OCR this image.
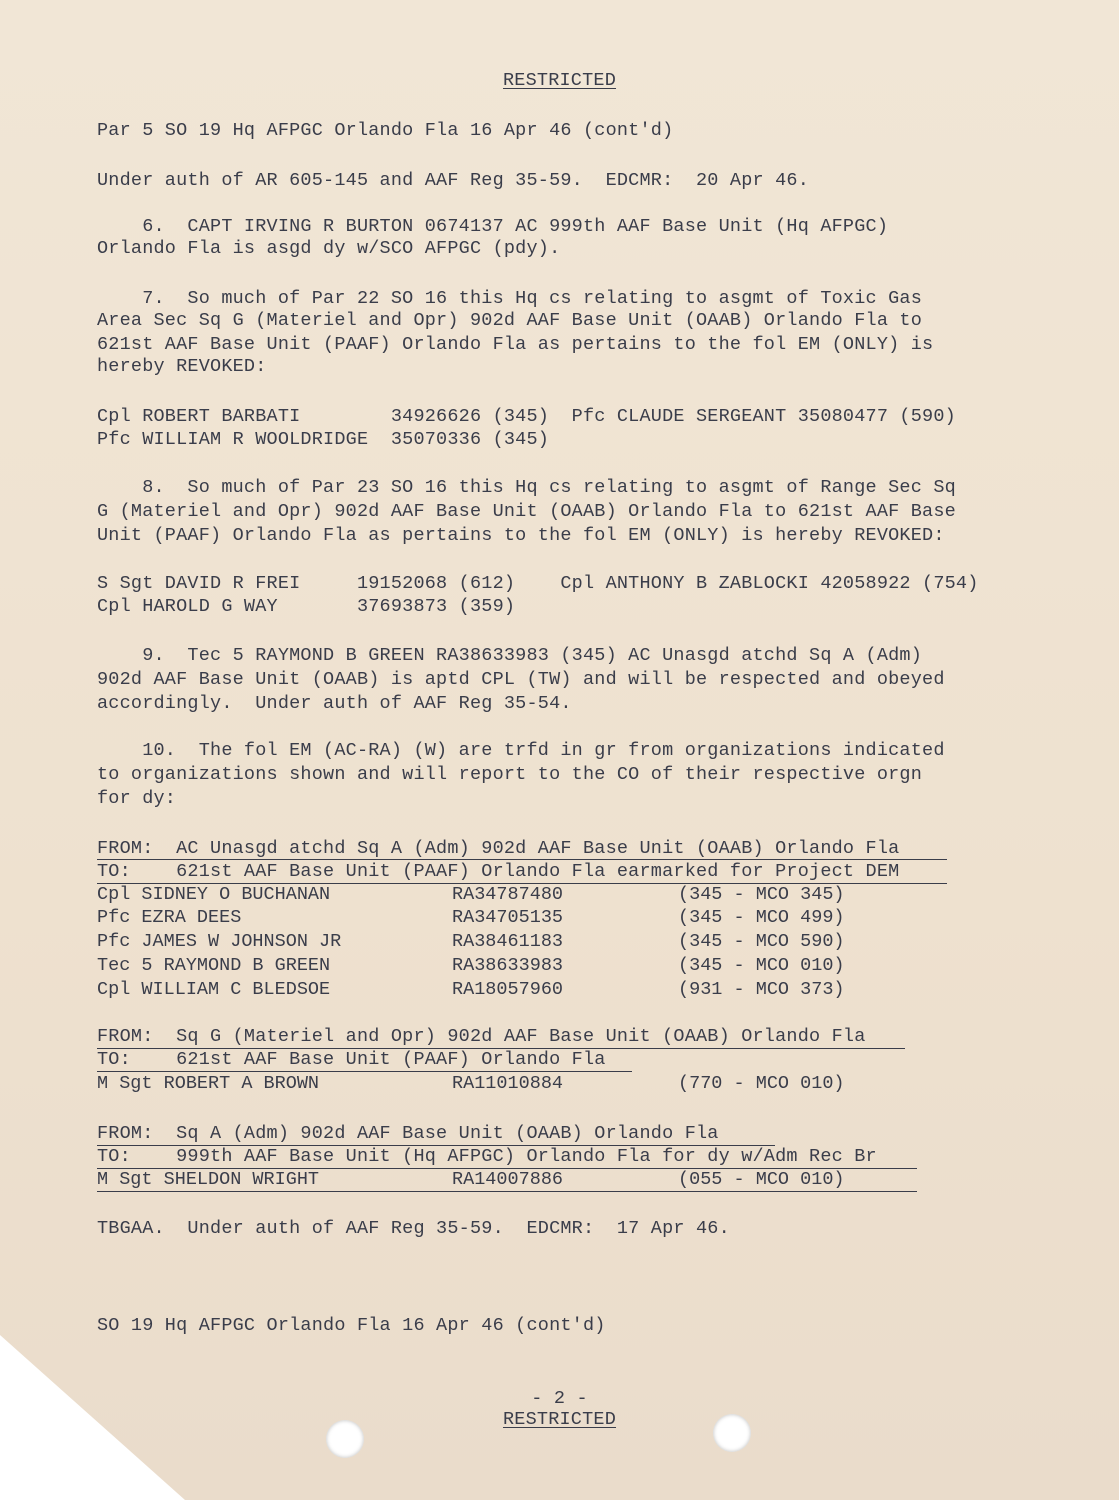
RESTRICTED
Par 5 SO 19 Hq AFPGC Orlando Fla 16 Apr 46 (cont'd)
Under auth of AR 605-145 and AAF Reg 35-59.  EDCMR:  20 Apr 46.
6.  CAPT IRVING R BURTON 0674137 AC 999th AAF Base Unit (Hq AFPGC)
Orlando Fla is asgd dy w/SCO AFPGC (pdy).
7.  So much of Par 22 SO 16 this Hq cs relating to asgmt of Toxic Gas
Area Sec Sq G (Materiel and Opr) 902d AAF Base Unit (OAAB) Orlando Fla to
621st AAF Base Unit (PAAF) Orlando Fla as pertains to the fol EM (ONLY) is
hereby REVOKED:
Cpl ROBERT BARBATI        34926626 (345)  Pfc CLAUDE SERGEANT 35080477 (590)
Pfc WILLIAM R WOOLDRIDGE  35070336 (345)
8.  So much of Par 23 SO 16 this Hq cs relating to asgmt of Range Sec Sq
G (Materiel and Opr) 902d AAF Base Unit (OAAB) Orlando Fla to 621st AAF Base
Unit (PAAF) Orlando Fla as pertains to the fol EM (ONLY) is hereby REVOKED:
S Sgt DAVID R FREI     19152068 (612)    Cpl ANTHONY B ZABLOCKI 42058922 (754)
Cpl HAROLD G WAY       37693873 (359)
9.  Tec 5 RAYMOND B GREEN RA38633983 (345) AC Unasgd atchd Sq A (Adm)
902d AAF Base Unit (OAAB) is aptd CPL (TW) and will be respected and obeyed
accordingly.  Under auth of AAF Reg 35-54.
10.  The fol EM (AC-RA) (W) are trfd in gr from organizations indicated
to organizations shown and will report to the CO of their respective orgn
for dy:
FROM:  AC Unasgd atchd Sq A (Adm) 902d AAF Base Unit (OAAB) Orlando Fla
TO:    621st AAF Base Unit (PAAF) Orlando Fla earmarked for Project DEM
Cpl SIDNEY O BUCHANAN	RA34787480	(345 - MCO 345)
Pfc EZRA DEES	RA34705135	(345 - MCO 499)
Pfc JAMES W JOHNSON JR	RA38461183	(345 - MCO 590)
Tec 5 RAYMOND B GREEN	RA38633983	(345 - MCO 010)
Cpl WILLIAM C BLEDSOE	RA18057960	(931 - MCO 373)
FROM:  Sq G (Materiel and Opr) 902d AAF Base Unit (OAAB) Orlando Fla
TO:    621st AAF Base Unit (PAAF) Orlando Fla
M Sgt ROBERT A BROWN	RA11010884	(770 - MCO 010)
FROM:  Sq A (Adm) 902d AAF Base Unit (OAAB) Orlando Fla
TO:    999th AAF Base Unit (Hq AFPGC) Orlando Fla for dy w/Adm Rec Br
M Sgt SHELDON WRIGHT	RA14007886	(055 - MCO 010)
TBGAA.  Under auth of AAF Reg 35-59.  EDCMR:  17 Apr 46.
SO 19 Hq AFPGC Orlando Fla 16 Apr 46 (cont'd)
- 2 -
RESTRICTED
